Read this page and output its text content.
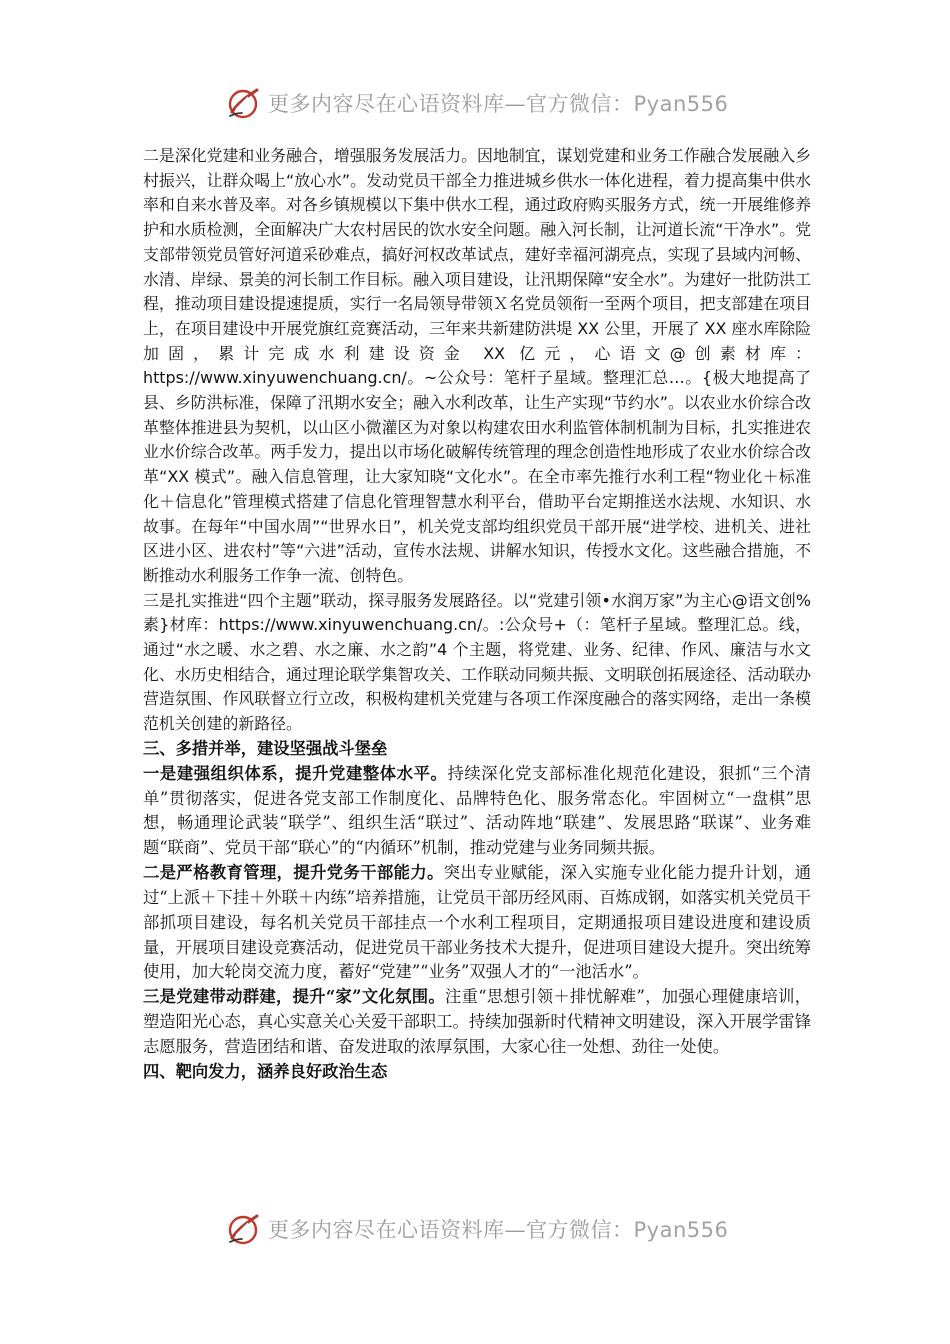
更多内容尽在心语资料库—官方微信：Pyan556

二是深化党建和业务融合，增强服务发展活力。因地制宜，谋划党建和业务工作融合发展融入乡村振兴，让群众喝上“放心水”。发动党员干部全力推进城乡供水一体化进程，着力提高集中供水率和自来水普及率。对各乡镇规模以下集中供水工程，通过政府购买服务方式，统一开展维修养护和水质检测，全面解决广大农村居民的饮水安全问题。融入河长制，让河道长流“干净水”。党支部带领党员管好河道采砂难点，搞好河权改革试点，建好幸福河湖亮点，实现了县域内河畅、水清、岸绿、景美的河长制工作目标。融入项目建设，让汛期保障“安全水”。为建好一批防洪工程，推动项目建设提速提质，实行一名局领导带领Ｘ名党员领衔一至两个项目，把支部建在项目上，在项目建设中开展党旗红竞赛活动，三年来共新建防洪堤 XX 公里，开展了 XX 座水库除险加固，累计完成水利建设资金 XX 亿元，心语文@创素材库：https://www.xinyuwenchuang.cn/。~公众号：笔杆子星域。整理汇总…。{极大地提高了县、乡防洪标准，保障了汛期水安全；融入水利改革，让生产实现“节约水”。以农业水价综合改革整体推进县为契机，以山区小微灌区为对象以构建农田水利监管体制机制为目标，扎实推进农业水价综合改革。两手发力，提出以市场化破解传统管理的理念创造性地形成了农业水价综合改革“XX 模式”。融入信息管理，让大家知晓“文化水”。在全市率先推行水利工程“物业化＋标准化＋信息化”管理模式搭建了信息化管理智慧水利平台，借助平台定期推送水法规、水知识、水故事。在每年“中国水周”“世界水日”，机关党支部均组织党员干部开展“进学校、进机关、进社区进小区、进农村”等“六进”活动，宣传水法规、讲解水知识，传授水文化。这些融合措施，不断推动水利服务工作争一流、创特色。

三是扎实推进“四个主题”联动，探寻服务发展路径。以“党建引领•水润万家”为主心@语文创%素}材库：https://www.xinyuwenchuang.cn/。:公众号+（：笔杆子星域。整理汇总。线，通过“水之暖、水之碧、水之廉、水之韵”4 个主题，将党建、业务、纪律、作风、廉洁与水文化、水历史相结合，通过理论联学集智攻关、工作联动同频共振、文明联创拓展途径、活动联办营造氛围、作风联督立行立改，积极构建机关党建与各项工作深度融合的落实网络，走出一条模范机关创建的新路径。

三、多措并举，建设坚强战斗堡垒

一是建强组织体系，提升党建整体水平。持续深化党支部标准化规范化建设，狠抓“三个清单”贯彻落实，促进各党支部工作制度化、品牌特色化、服务常态化。牢固树立“一盘棋”思想，畅通理论武装“联学”、组织生活“联过”、活动阵地“联建”、发展思路“联谋”、业务难题“联商”、党员干部“联心”的“内循环”机制，推动党建与业务同频共振。

二是严格教育管理，提升党务干部能力。突出专业赋能，深入实施专业化能力提升计划，通过“上派＋下挂＋外联＋内练”培养措施，让党员干部历经风雨、百炼成钢，如落实机关党员干部抓项目建设，每名机关党员干部挂点一个水利工程项目，定期通报项目建设进度和建设质量，开展项目建设竞赛活动，促进党员干部业务技术大提升，促进项目建设大提升。突出统筹使用，加大轮岗交流力度，蓄好“党建”“业务”双强人才的“一池活水”。

三是党建带动群建，提升“家”文化氛围。注重“思想引领＋排忧解难”，加强心理健康培训，塑造阳光心态，真心实意关心关爱干部职工。持续加强新时代精神文明建设，深入开展学雷锋志愿服务，营造团结和谐、奋发进取的浓厚氛围，大家心往一处想、劲往一处使。

四、靶向发力，涵养良好政治生态

更多内容尽在心语资料库—官方微信：Pyan556
